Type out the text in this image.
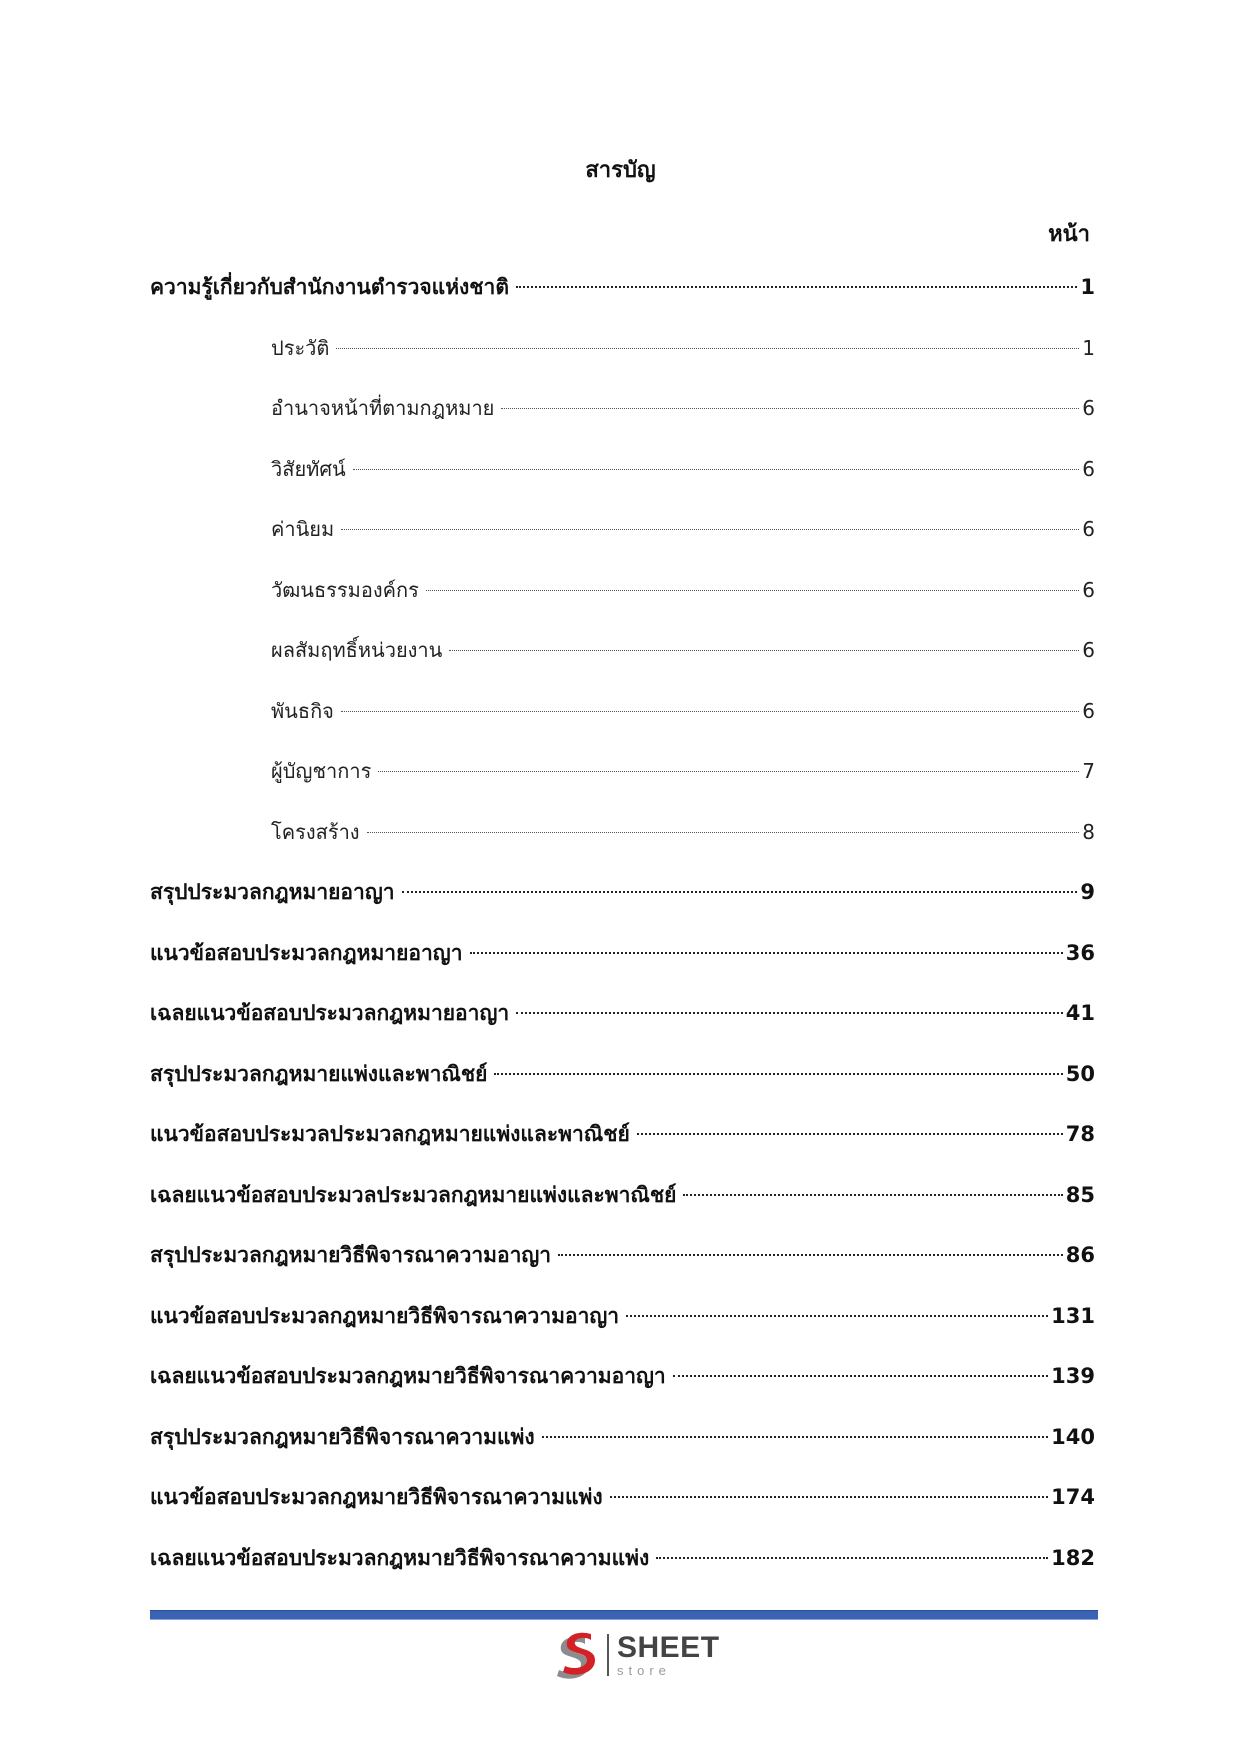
สารบัญ
หน้า
ความรู้เกี่ยวกับสำนักงานตำรวจแห่งชาติ	1
ประวัติ	1
อำนาจหน้าที่ตามกฎหมาย	6
วิสัยทัศน์	6
ค่านิยม	6
วัฒนธรรมองค์กร	6
ผลสัมฤทธิ์หน่วยงาน	6
พันธกิจ	6
ผู้บัญชาการ	7
โครงสร้าง	8
สรุปประมวลกฎหมายอาญา	9
แนวข้อสอบประมวลกฎหมายอาญา	36
เฉลยแนวข้อสอบประมวลกฎหมายอาญา	41
สรุปประมวลกฎหมายแพ่งและพาณิชย์	50
แนวข้อสอบประมวลประมวลกฎหมายแพ่งและพาณิชย์	78
เฉลยแนวข้อสอบประมวลประมวลกฎหมายแพ่งและพาณิชย์	85
สรุปประมวลกฎหมายวิธีพิจารณาความอาญา	86
แนวข้อสอบประมวลกฎหมายวิธีพิจารณาความอาญา	131
เฉลยแนวข้อสอบประมวลกฎหมายวิธีพิจารณาความอาญา	139
สรุปประมวลกฎหมายวิธีพิจารณาความแพ่ง	140
แนวข้อสอบประมวลกฎหมายวิธีพิจารณาความแพ่ง	174
เฉลยแนวข้อสอบประมวลกฎหมายวิธีพิจารณาความแพ่ง	182
SHEET
store
